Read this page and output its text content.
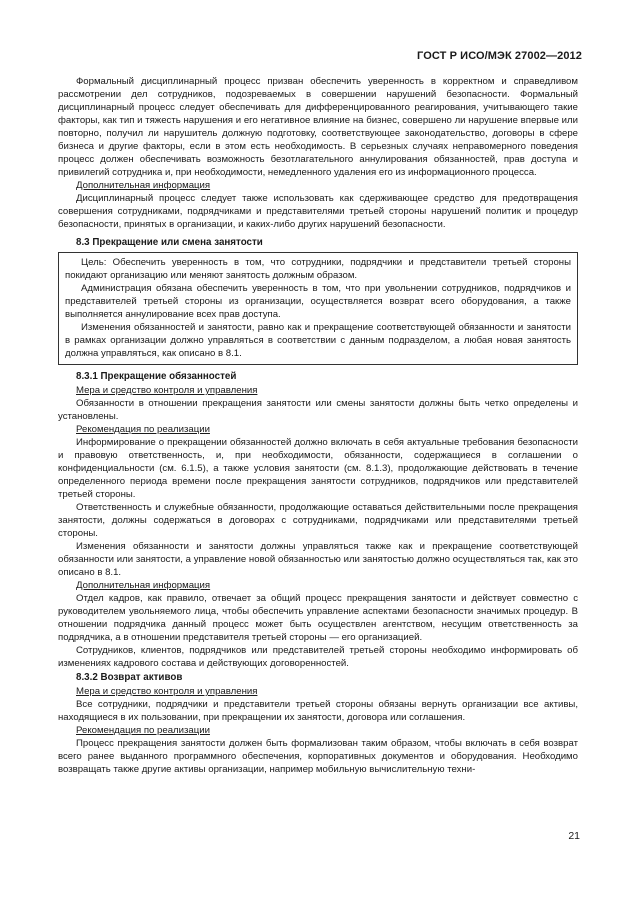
ГОСТ Р ИСО/МЭК 27002—2012

Формальный дисциплинарный процесс призван обеспечить уверенность в корректном и справедливом рассмотрении дел сотрудников, подозреваемых в совершении нарушений безопасности. Формальный дисциплинарный процесс следует обеспечивать для дифференцированного реагирования, учитывающего такие факторы, как тип и тяжесть нарушения и его негативное влияние на бизнес, совершено ли нарушение впервые или повторно, получил ли нарушитель должную подготовку, соответствующее законодательство, договоры в сфере бизнеса и другие факторы, если в этом есть необходимость. В серьезных случаях неправомерного поведения процесс должен обеспечивать возможность безотлагательного аннулирования обязанностей, прав доступа и привилегий сотрудника и, при необходимости, немедленного удаления его из информационного процесса.

Дополнительная информация

Дисциплинарный процесс следует также использовать как сдерживающее средство для предотвращения совершения сотрудниками, подрядчиками и представителями третьей стороны нарушений политик и процедур безопасности, принятых в организации, и каких-либо других нарушений безопасности.

8.3 Прекращение или смена занятости

Цель: Обеспечить уверенность в том, что сотрудники, подрядчики и представители третьей стороны покидают организацию или меняют занятость должным образом.

Администрация обязана обеспечить уверенность в том, что при увольнении сотрудников, подрядчиков и представителей третьей стороны из организации, осуществляется возврат всего оборудования, а также выполняется аннулирование всех прав доступа.

Изменения обязанностей и занятости, равно как и прекращение соответствующей обязанности и занятости в рамках организации должно управляться в соответствии с данным подразделом, а любая новая занятость должна управляться, как описано в 8.1.

8.3.1 Прекращение обязанностей

Мера и средство контроля и управления

Обязанности в отношении прекращения занятости или смены занятости должны быть четко определены и установлены.

Рекомендация по реализации

Информирование о прекращении обязанностей должно включать в себя актуальные требования безопасности и правовую ответственность, и, при необходимости, обязанности, содержащиеся в соглашении о конфиденциальности (см. 6.1.5), а также условия занятости (см. 8.1.3), продолжающие действовать в течение определенного периода времени после прекращения занятости сотрудников, подрядчиков или представителей третьей стороны.

Ответственность и служебные обязанности, продолжающие оставаться действительными после прекращения занятости, должны содержаться в договорах с сотрудниками, подрядчиками или представителями третьей стороны.

Изменения обязанности и занятости должны управляться также как и прекращение соответствующей обязанности или занятости, а управление новой обязанностью или занятостью должно осуществляться так, как это описано в 8.1.

Дополнительная информация

Отдел кадров, как правило, отвечает за общий процесс прекращения занятости и действует совместно с руководителем увольняемого лица, чтобы обеспечить управление аспектами безопасности значимых процедур. В отношении подрядчика данный процесс может быть осуществлен агентством, несущим ответственность за подрядчика, а в отношении представителя третьей стороны — его организацией.

Сотрудников, клиентов, подрядчиков или представителей третьей стороны необходимо информировать об изменениях кадрового состава и действующих договоренностей.

8.3.2 Возврат активов

Мера и средство контроля и управления

Все сотрудники, подрядчики и представители третьей стороны обязаны вернуть организации все активы, находящиеся в их пользовании, при прекращении их занятости, договора или соглашения.

Рекомендация по реализации

Процесс прекращения занятости должен быть формализован таким образом, чтобы включать в себя возврат всего ранее выданного программного обеспечения, корпоративных документов и оборудования. Необходимо возвращать также другие активы организации, например мобильную вычислительную техни-

21
